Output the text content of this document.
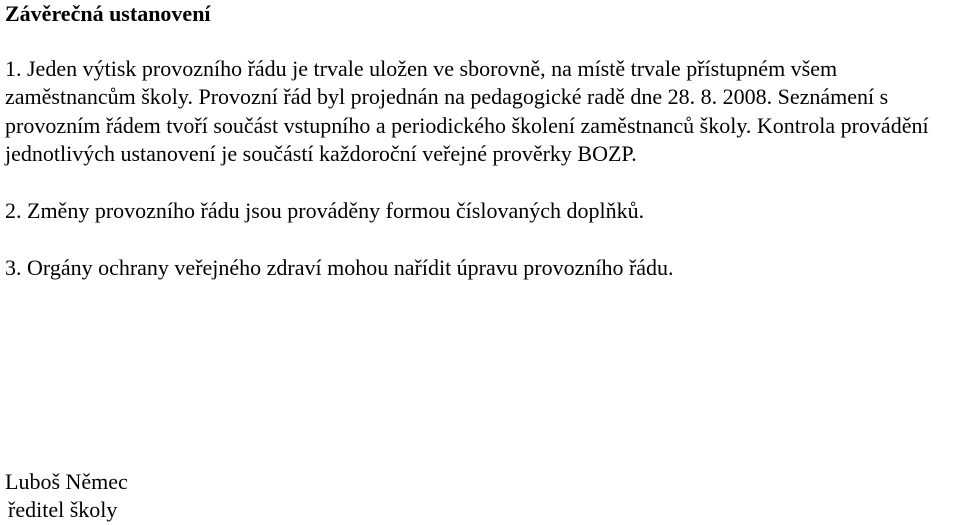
Závěrečná ustanovení

1. Jeden výtisk provozního řádu je trvale uložen ve sborovně, na místě trvale přístupném všem zaměstnancům školy. Provozní řád byl projednán na pedagogické radě dne 28. 8. 2008. Seznámení s provozním řádem tvoří součást vstupního a periodického školení zaměstnanců školy. Kontrola provádění jednotlivých ustanovení je součástí každoroční veřejné prověrky BOZP.

2. Změny provozního řádu jsou prováděny formou číslovaných doplňků.

3. Orgány ochrany veřejného zdraví mohou nařídit úpravu provozního řádu.

Luboš Němec
ředitel školy
